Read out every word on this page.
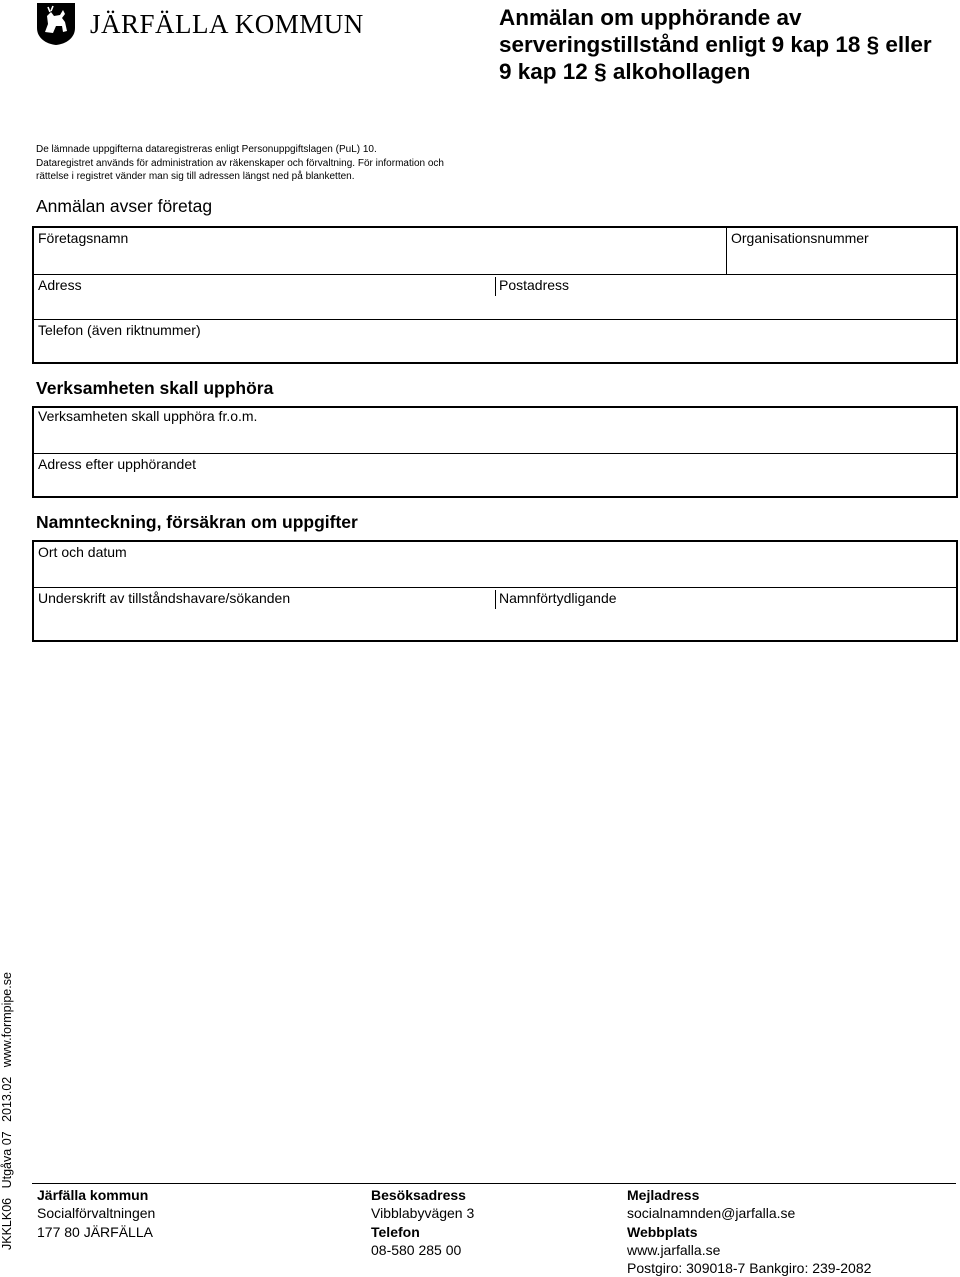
JÄRFÄLLA KOMMUN	Anmälan om upphörande av serveringstillstånd enligt 9 kap 18 § eller 9 kap 12 § alkohollagen
De lämnade uppgifterna dataregistreras enligt Personuppgiftslagen (PuL) 10.
Dataregistret används för administration av räkenskaper och förvaltning. För information och
rättelse i registret vänder man sig till adressen längst ned på blanketten.
Anmälan avser företag
Företagsnamn	Organisationsnummer
Adress	Postadress
Telefon (även riktnummer)
Verksamheten skall upphöra
Verksamheten skall upphöra fr.o.m.
Adress efter upphörandet
Namnteckning, försäkran om uppgifter
Ort och datum
Underskrift av tillståndshavare/sökanden	Namnförtydligande
JKKLK06 Utgåva 07 2013.02 www.formpipe.se
Järfälla kommun
Socialförvaltningen
177 80 JÄRFÄLLA
Besöksadress
Vibblabyvägen 3
Telefon
08-580 285 00
Mejladress
socialnamnden@jarfalla.se
Webbplats
www.jarfalla.se
Postgiro: 309018-7 Bankgiro: 239-2082
